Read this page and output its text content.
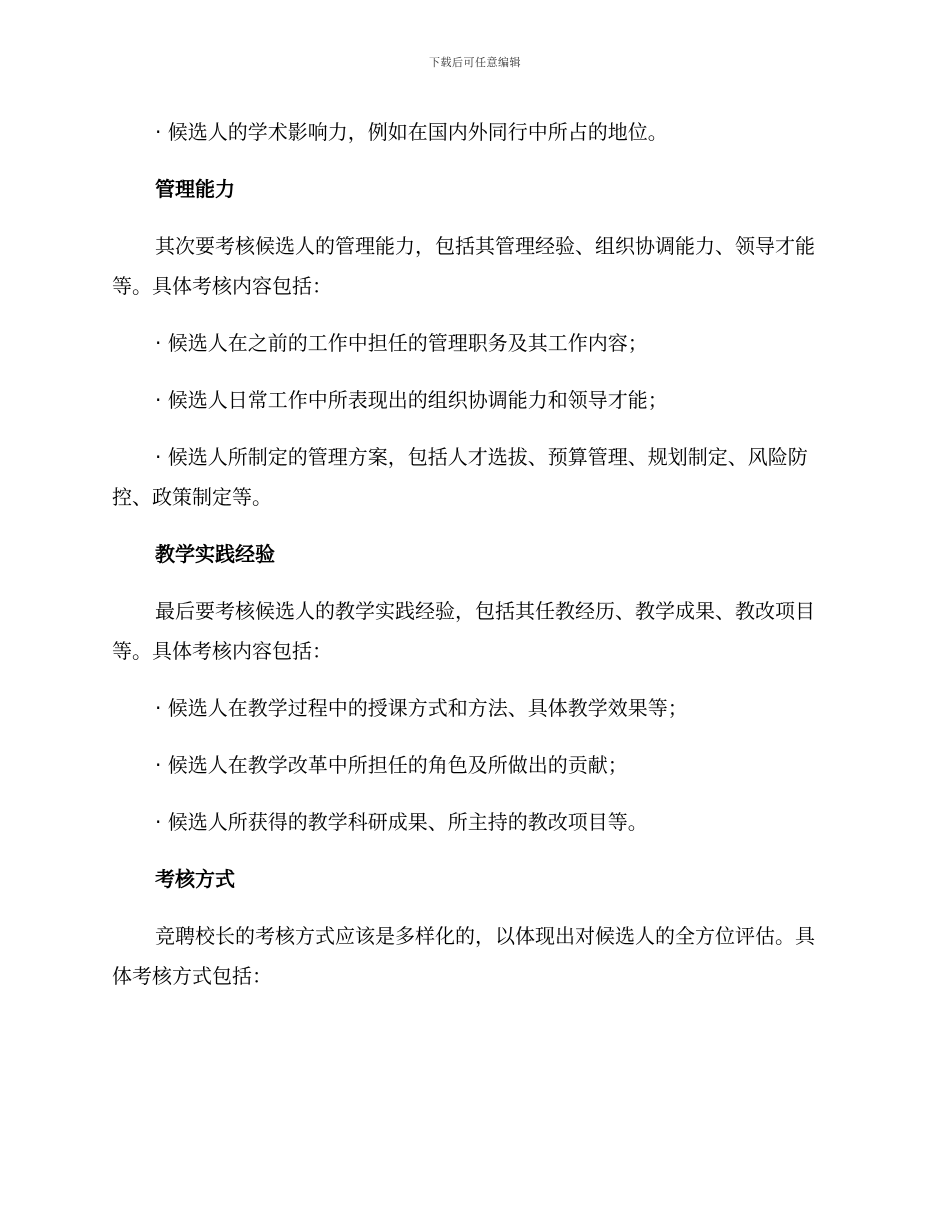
下载后可任意编辑

· 候选人的学术影响力，例如在国内外同行中所占的地位。

管理能力

其次要考核候选人的管理能力，包括其管理经验、组织协调能力、领导才能等。具体考核内容包括：

· 候选人在之前的工作中担任的管理职务及其工作内容；

· 候选人日常工作中所表现出的组织协调能力和领导才能；

· 候选人所制定的管理方案，包括人才选拔、预算管理、规划制定、风险防控、政策制定等。

教学实践经验

最后要考核候选人的教学实践经验，包括其任教经历、教学成果、教改项目等。具体考核内容包括：

· 候选人在教学过程中的授课方式和方法、具体教学效果等；

· 候选人在教学改革中所担任的角色及所做出的贡献；

· 候选人所获得的教学科研成果、所主持的教改项目等。

考核方式

竞聘校长的考核方式应该是多样化的，以体现出对候选人的全方位评估。具体考核方式包括：
